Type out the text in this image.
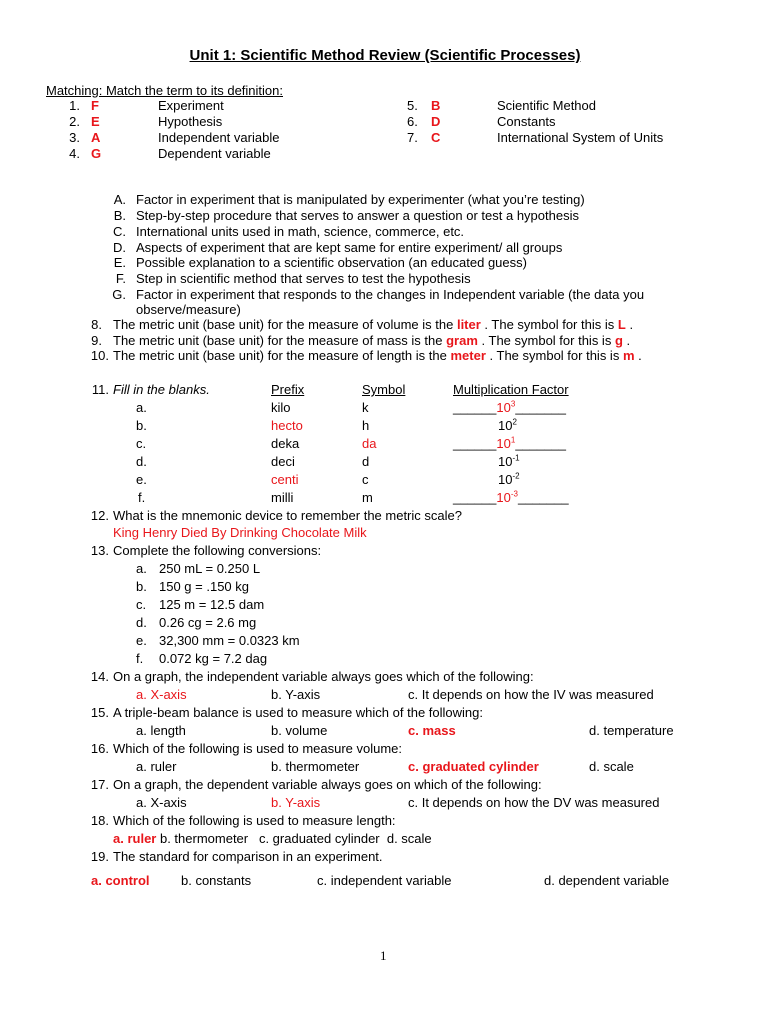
Unit 1: Scientific Method Review (Scientific Processes)
Matching: Match the term to its definition:
1. F	Experiment
2. E	Hypothesis
3. A	Independent variable
4. G	Dependent variable
5. B	Scientific Method
6. D	Constants
7. C	International System of Units
A. Factor in experiment that is manipulated by experimenter (what you’re testing)
B. Step-by-step procedure that serves to answer a question or test a hypothesis
C. International units used in math, science, commerce, etc.
D. Aspects of experiment that are kept same for entire experiment/ all groups
E. Possible explanation to a scientific observation (an educated guess)
F. Step in scientific method that serves to test the hypothesis
G. Factor in experiment that responds to the changes in Independent variable (the data you
observe/measure)
8. The metric unit (base unit) for the measure of volume is the liter . The symbol for this is L .
9. The metric unit (base unit) for the measure of mass is the gram . The symbol for this is g .
10. The metric unit (base unit) for the measure of length is the meter . The symbol for this is m .
11. Fill in the blanks.	Prefix	Symbol	Multiplication Factor
a.	kilo	k	$\_\_\_\_\_\_10^3\_\_\_\_\_\_\_$
b.	hecto	h	$10^2$
c.	deka	da	$\_\_\_\_\_\_10^1\_\_\_\_\_\_\_$
d.	deci	d	$10^{-1}$
e.	centi	c	$10^{-2}$
f.	milli	m	$\_\_\_\_\_\_10^{-3}\_\_\_\_\_\_\_$
12. What is the mnemonic device to remember the metric scale?
King Henry Died By Drinking Chocolate Milk
13. Complete the following conversions:
a. 250 mL = 0.250 L
b. 150 g = .150 kg
c. 125 m = 12.5 dam
d. 0.26 cg = 2.6 mg
e. 32,300 mm = 0.0323 km
f. 0.072 kg = 7.2 dag
14. On a graph, the independent variable always goes which of the following:
a. X-axis	b. Y-axis	c. It depends on how the IV was measured
15. A triple-beam balance is used to measure which of the following:
a. length	b. volume	c. mass	d. temperature
16. Which of the following is used to measure volume:
a. ruler	b. thermometer	c. graduated cylinder	d. scale
17. On a graph, the dependent variable always goes on which of the following:
a. X-axis	b. Y-axis	c. It depends on how the DV was measured
18. Which of the following is used to measure length:
a. ruler b. thermometer   c. graduated cylinder  d. scale
19. The standard for comparison in an experiment.
a. control b. constants	c. independent variable	d. dependent variable
1
